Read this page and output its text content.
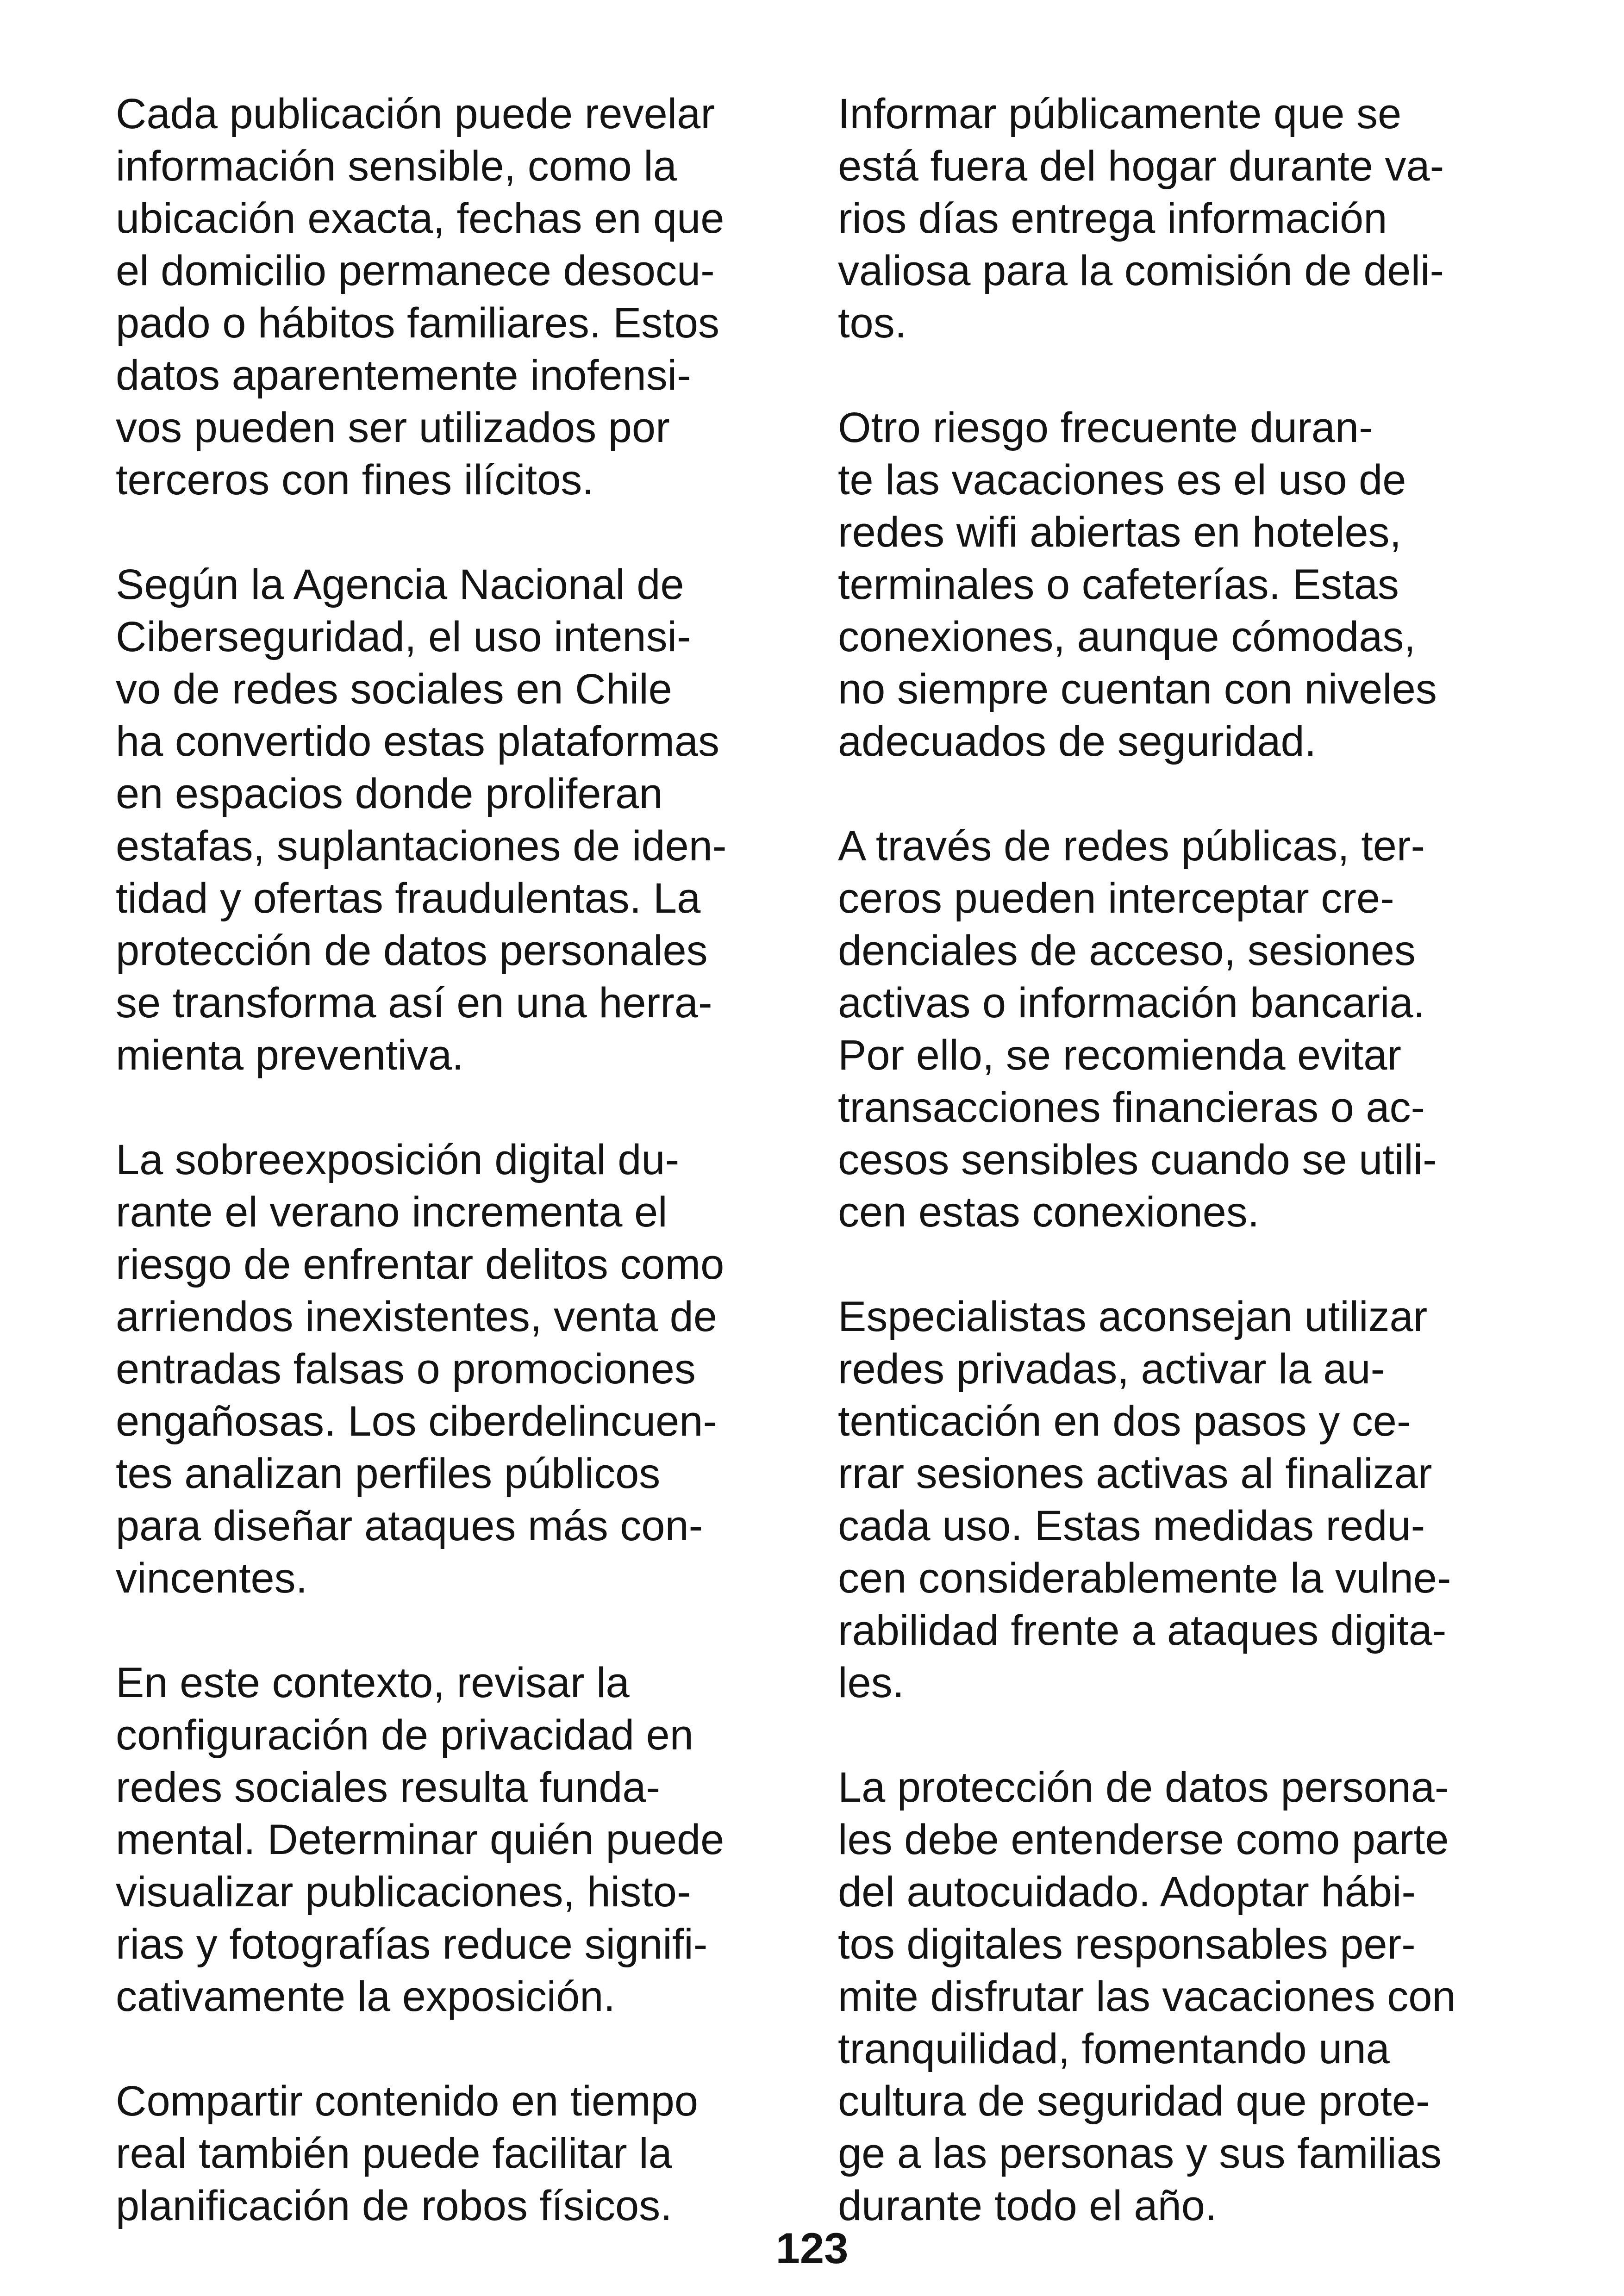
Cada publicación puede revelar
información sensible, como la
ubicación exacta, fechas en que
el domicilio permanece desocu-
pado o hábitos familiares. Estos
datos aparentemente inofensi-
vos pueden ser utilizados por
terceros con fines ilícitos.

Según la Agencia Nacional de
Ciberseguridad, el uso intensi-
vo de redes sociales en Chile
ha convertido estas plataformas
en espacios donde proliferan
estafas, suplantaciones de iden-
tidad y ofertas fraudulentas. La
protección de datos personales
se transforma así en una herra-
mienta preventiva.

La sobreexposición digital du-
rante el verano incrementa el
riesgo de enfrentar delitos como
arriendos inexistentes, venta de
entradas falsas o promociones
engañosas. Los ciberdelincuen-
tes analizan perfiles públicos
para diseñar ataques más con-
vincentes.

En este contexto, revisar la
configuración de privacidad en
redes sociales resulta funda-
mental. Determinar quién puede
visualizar publicaciones, histo-
rias y fotografías reduce signifi-
cativamente la exposición.

Compartir contenido en tiempo
real también puede facilitar la
planificación de robos físicos.

Informar públicamente que se
está fuera del hogar durante va-
rios días entrega información
valiosa para la comisión de deli-
tos.

Otro riesgo frecuente duran-
te las vacaciones es el uso de
redes wifi abiertas en hoteles,
terminales o cafeterías. Estas
conexiones, aunque cómodas,
no siempre cuentan con niveles
adecuados de seguridad.

A través de redes públicas, ter-
ceros pueden interceptar cre-
denciales de acceso, sesiones
activas o información bancaria.
Por ello, se recomienda evitar
transacciones financieras o ac-
cesos sensibles cuando se utili-
cen estas conexiones.

Especialistas aconsejan utilizar
redes privadas, activar la au-
tenticación en dos pasos y ce-
rrar sesiones activas al finalizar
cada uso. Estas medidas redu-
cen considerablemente la vulne-
rabilidad frente a ataques digita-
les.

La protección de datos persona-
les debe entenderse como parte
del autocuidado. Adoptar hábi-
tos digitales responsables per-
mite disfrutar las vacaciones con
tranquilidad, fomentando una
cultura de seguridad que prote-
ge a las personas y sus familias
durante todo el año.

123
